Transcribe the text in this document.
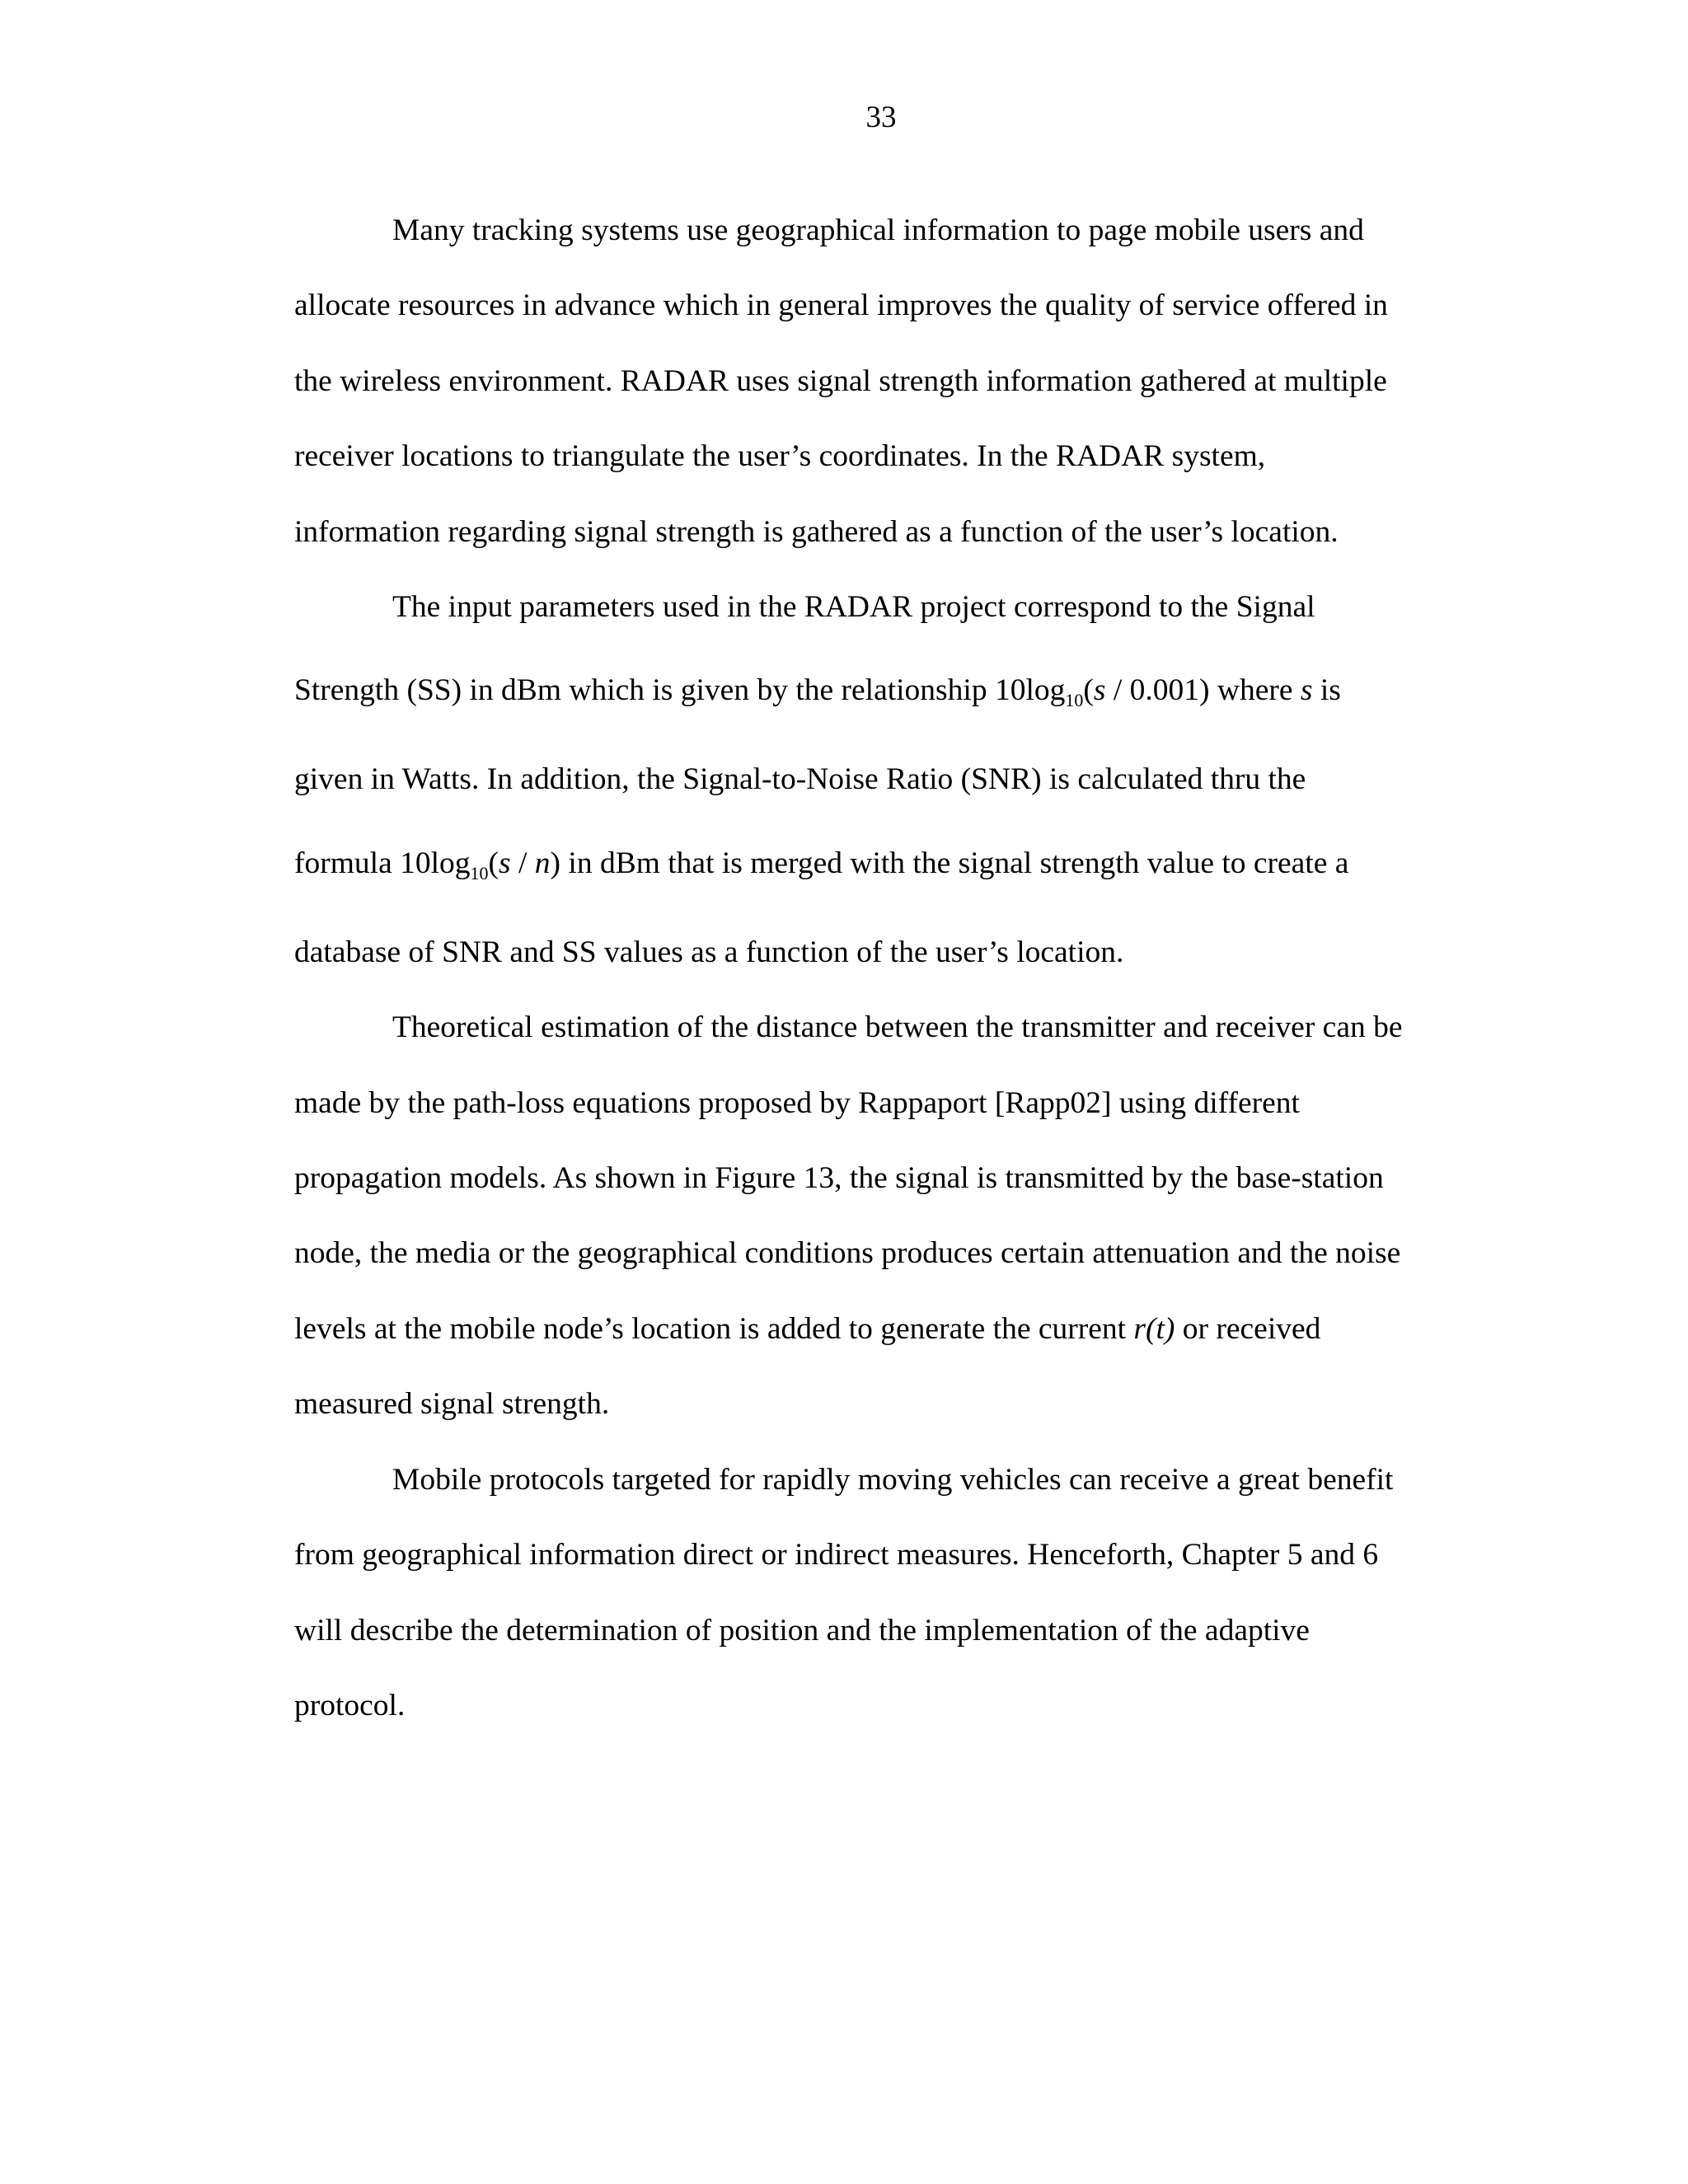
33

Many tracking systems use geographical information to page mobile users and
allocate resources in advance which in general improves the quality of service offered in
the wireless environment. RADAR uses signal strength information gathered at multiple
receiver locations to triangulate the user’s coordinates. In the RADAR system,
information regarding signal strength is gathered as a function of the user’s location.

The input parameters used in the RADAR project correspond to the Signal
Strength (SS) in dBm which is given by the relationship $10\log_{10}(s / 0.001)$ where s is
given in Watts. In addition, the Signal-to-Noise Ratio (SNR) is calculated thru the
formula $10\log_{10}(s / n)$ in dBm that is merged with the signal strength value to create a
database of SNR and SS values as a function of the user’s location.

Theoretical estimation of the distance between the transmitter and receiver can be
made by the path-loss equations proposed by Rappaport [Rapp02] using different
propagation models. As shown in Figure 13, the signal is transmitted by the base-station
node, the media or the geographical conditions produces certain attenuation and the noise
levels at the mobile node’s location is added to generate the current r(t) or received
measured signal strength.

Mobile protocols targeted for rapidly moving vehicles can receive a great benefit
from geographical information direct or indirect measures. Henceforth, Chapter 5 and 6
will describe the determination of position and the implementation of the adaptive
protocol.
